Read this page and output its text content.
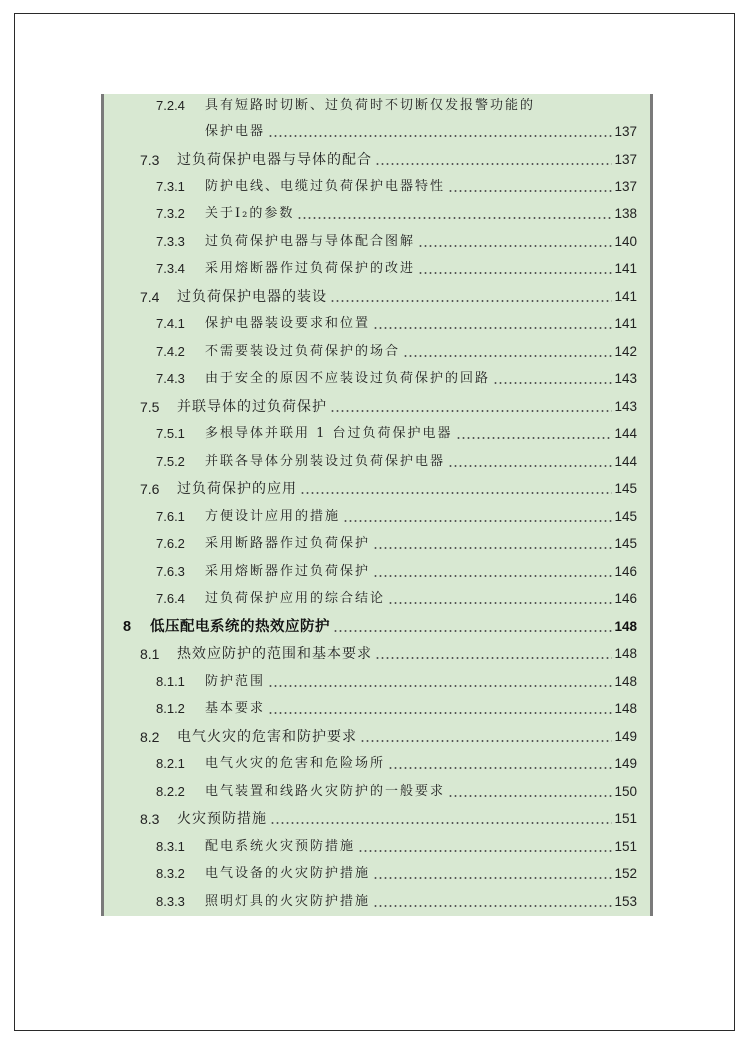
7.2.4	具有短路时切断、过负荷时不切断仅发报警功能的
保护电器	137
7.3	过负荷保护电器与导体的配合	137
7.3.1	防护电线、电缆过负荷保护电器特性	137
7.3.2	关于I₂的参数	138
7.3.3	过负荷保护电器与导体配合图解	140
7.3.4	采用熔断器作过负荷保护的改进	141
7.4	过负荷保护电器的装设	141
7.4.1	保护电器装设要求和位置	141
7.4.2	不需要装设过负荷保护的场合	142
7.4.3	由于安全的原因不应装设过负荷保护的回路	143
7.5	并联导体的过负荷保护	143
7.5.1	多根导体并联用 1 台过负荷保护电器	144
7.5.2	并联各导体分别装设过负荷保护电器	144
7.6	过负荷保护的应用	145
7.6.1	方便设计应用的措施	145
7.6.2	采用断路器作过负荷保护	145
7.6.3	采用熔断器作过负荷保护	146
7.6.4	过负荷保护应用的综合结论	146
8	低压配电系统的热效应防护	148
8.1	热效应防护的范围和基本要求	148
8.1.1	防护范围	148
8.1.2	基本要求	148
8.2	电气火灾的危害和防护要求	149
8.2.1	电气火灾的危害和危险场所	149
8.2.2	电气装置和线路火灾防护的一般要求	150
8.3	火灾预防措施	151
8.3.1	配电系统火灾预防措施	151
8.3.2	电气设备的火灾防护措施	152
8.3.3	照明灯具的火灾防护措施	153
